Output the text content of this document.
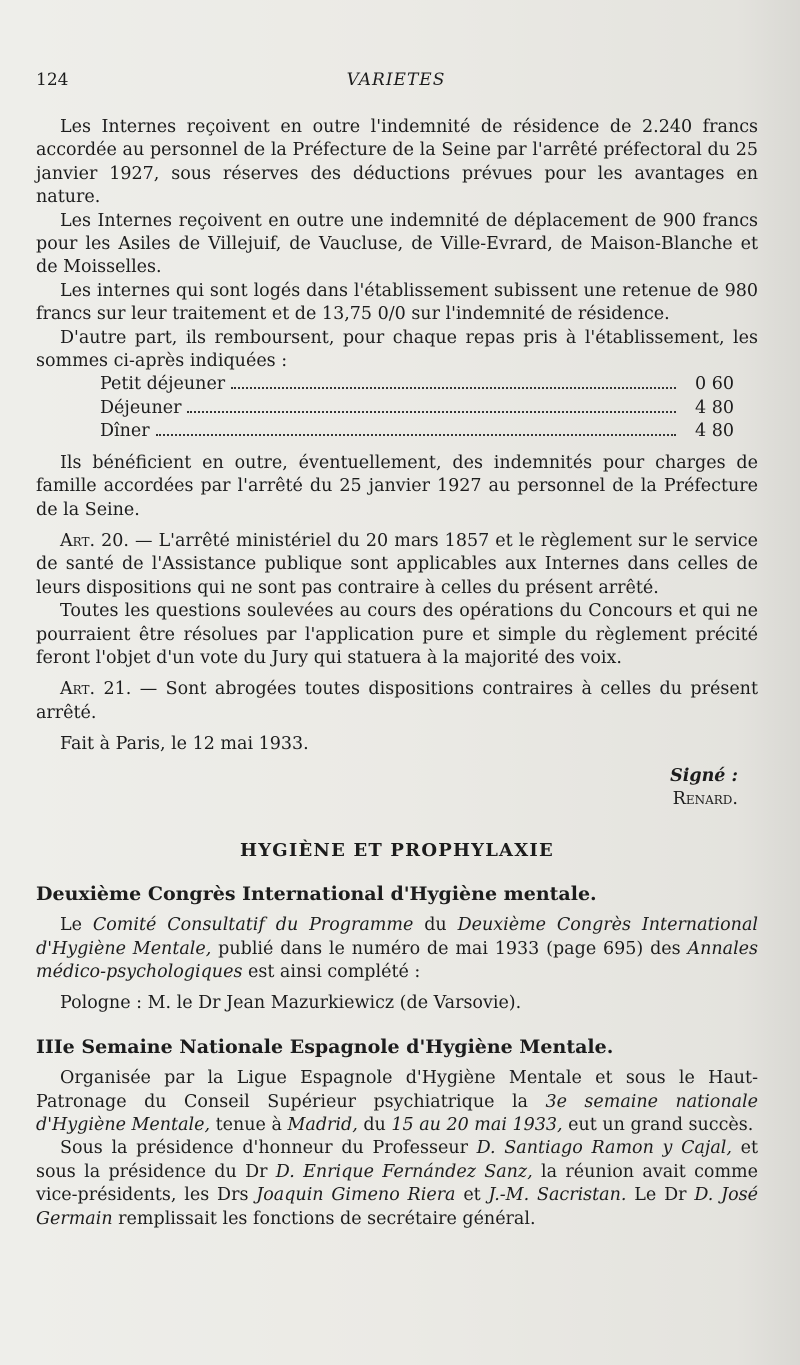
124	VARIETES

Les Internes reçoivent en outre l'indemnité de résidence de 2.240 francs accordée au personnel de la Préfecture de la Seine par l'arrêté préfectoral du 25 janvier 1927, sous réserves des déductions prévues pour les avantages en nature.

Les Internes reçoivent en outre une indemnité de déplacement de 900 francs pour les Asiles de Villejuif, de Vaucluse, de Ville-Evrard, de Maison-Blanche et de Moisselles.

Les internes qui sont logés dans l'établissement subissent une retenue de 980 francs sur leur traitement et de 13,75 0/0 sur l'indemnité de résidence.

D'autre part, ils remboursent, pour chaque repas pris à l'établissement, les sommes ci-après indiquées :

Petit déjeuner	0 60
Déjeuner	4 80
Dîner	4 80

Ils bénéficient en outre, éventuellement, des indemnités pour charges de famille accordées par l'arrêté du 25 janvier 1927 au personnel de la Préfecture de la Seine.

Art. 20. — L'arrêté ministériel du 20 mars 1857 et le règlement sur le service de santé de l'Assistance publique sont applicables aux Internes dans celles de leurs dispositions qui ne sont pas contraire à celles du présent arrêté.

Toutes les questions soulevées au cours des opérations du Concours et qui ne pourraient être résolues par l'application pure et simple du règlement précité feront l'objet d'un vote du Jury qui statuera à la majorité des voix.

Art. 21. — Sont abrogées toutes dispositions contraires à celles du présent arrêté.

Fait à Paris, le 12 mai 1933.

Signé :

Renard.

HYGIÈNE ET PROPHYLAXIE
Deuxième Congrès International d'Hygiène mentale.

Le Comité Consultatif du Programme du Deuxième Congrès International d'Hygiène Mentale, publié dans le numéro de mai 1933 (page 695) des Annales médico-psychologiques est ainsi complété :

Pologne : M. le Dr Jean Mazurkiewicz (de Varsovie).

IIIe Semaine Nationale Espagnole d'Hygiène Mentale.

Organisée par la Ligue Espagnole d'Hygiène Mentale et sous le Haut-Patronage du Conseil Supérieur psychiatrique la 3e semaine nationale d'Hygiène Mentale, tenue à Madrid, du 15 au 20 mai 1933, eut un grand succès.

Sous la présidence d'honneur du Professeur D. Santiago Ramon y Cajal, et sous la présidence du Dr D. Enrique Fernández Sanz, la réunion avait comme vice-présidents, les Drs Joaquin Gimeno Riera et J.-M. Sacristan. Le Dr D. José Germain remplissait les fonctions de secrétaire général.
